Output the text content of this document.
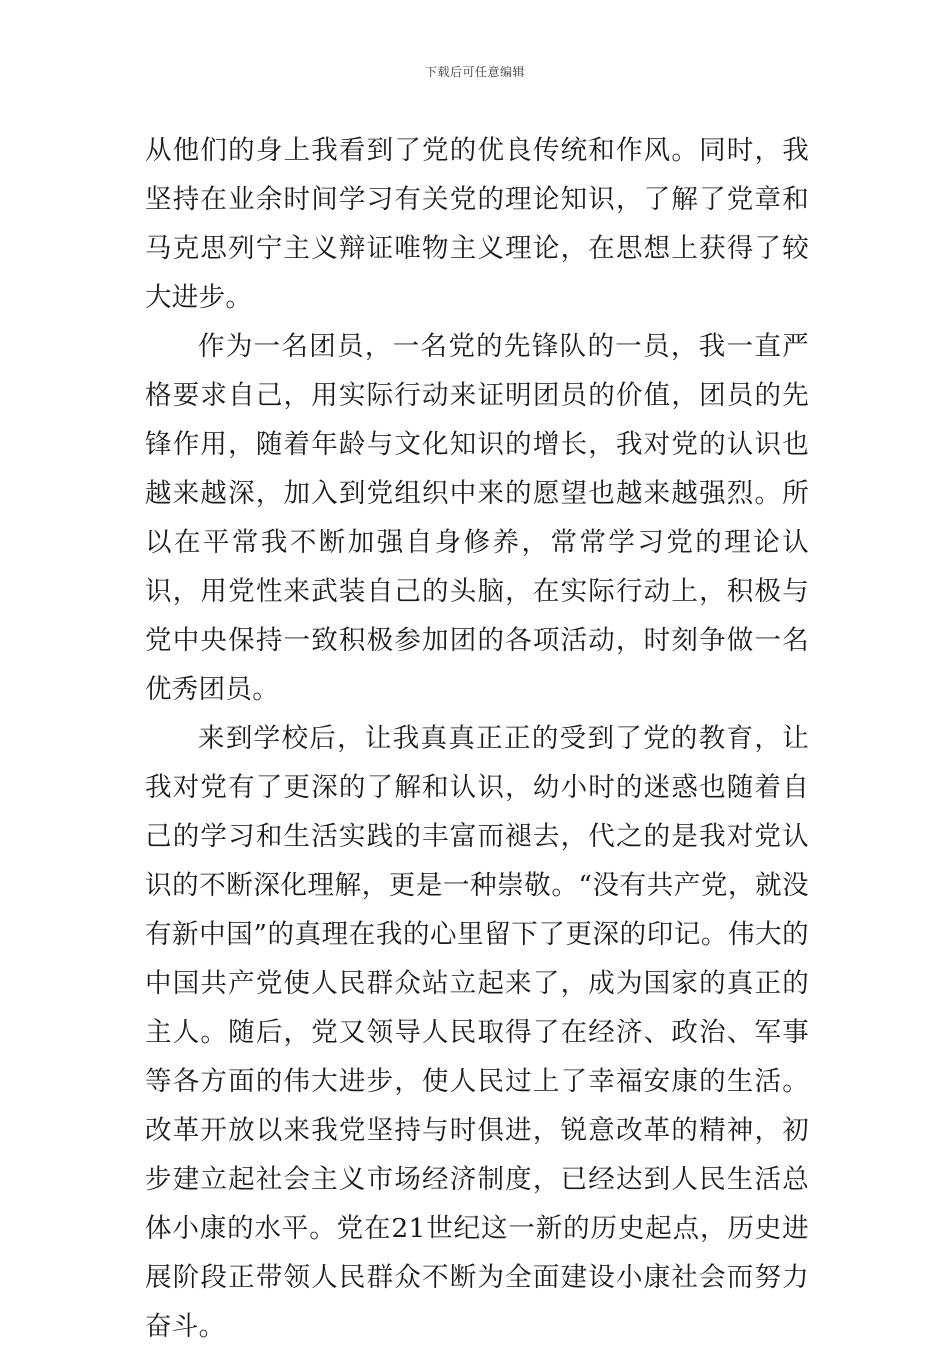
下载后可任意编辑

从他们的身上我看到了党的优良传统和作风。同时，我坚持在业余时间学习有关党的理论知识，了解了党章和马克思列宁主义辩证唯物主义理论，在思想上获得了较大进步。

作为一名团员，一名党的先锋队的一员，我一直严格要求自己，用实际行动来证明团员的价值，团员的先锋作用，随着年龄与文化知识的增长，我对党的认识也越来越深，加入到党组织中来的愿望也越来越强烈。所以在平常我不断加强自身修养，常常学习党的理论认识，用党性来武装自己的头脑，在实际行动上，积极与党中央保持一致积极参加团的各项活动，时刻争做一名优秀团员。

来到学校后，让我真真正正的受到了党的教育，让我对党有了更深的了解和认识，幼小时的迷惑也随着自己的学习和生活实践的丰富而褪去，代之的是我对党认识的不断深化理解，更是一种崇敬。“没有共产党，就没有新中国”的真理在我的心里留下了更深的印记。伟大的中国共产党使人民群众站立起来了，成为国家的真正的主人。随后，党又领导人民取得了在经济、政治、军事等各方面的伟大进步，使人民过上了幸福安康的生活。改革开放以来我党坚持与时俱进，锐意改革的精神，初步建立起社会主义市场经济制度，已经达到人民生活总体小康的水平。党在21世纪这一新的历史起点，历史进展阶段正带领人民群众不断为全面建设小康社会而努力奋斗。
